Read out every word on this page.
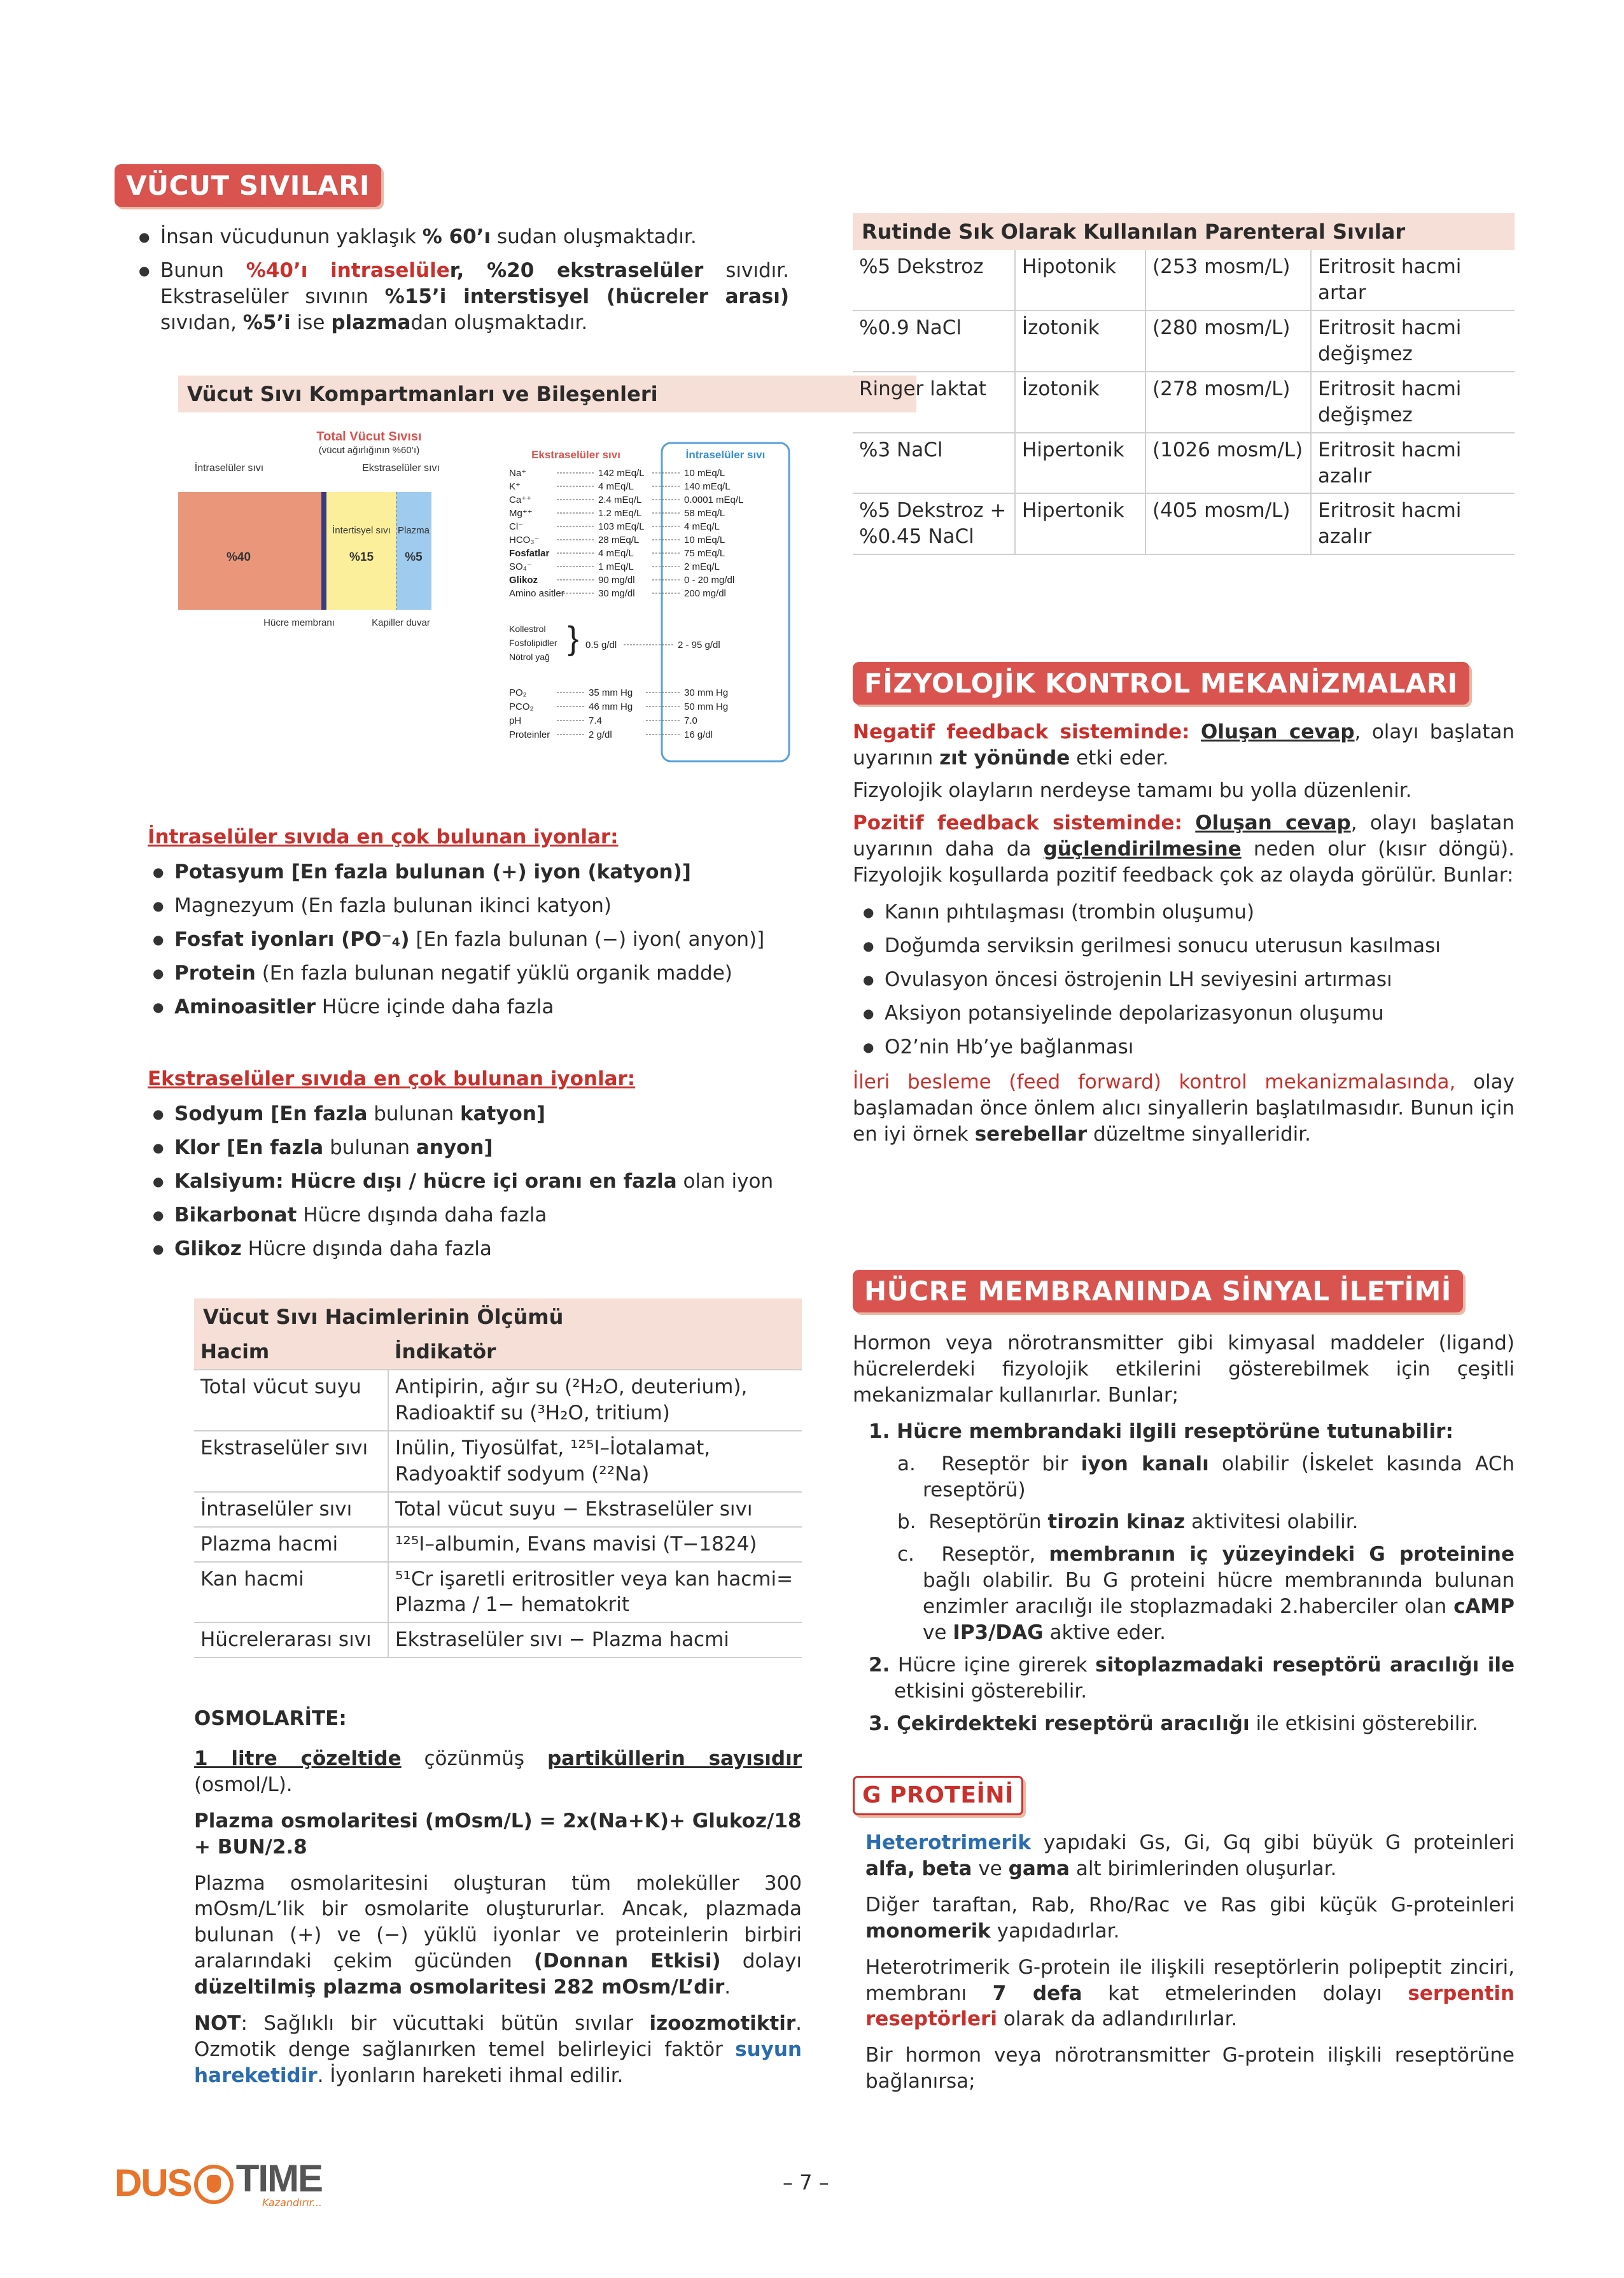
VÜCUT SIVILARI
● İnsan vücudunun yaklaşık % 60’ı sudan oluşmaktadır.
● Bunun %40’ı intraselüler, %20 ekstraselüler sıvıdır. Ekstraselüler sıvının %15’i interstisyel (hücreler arası) sıvıdan, %5’i ise plazmadan oluşmaktadır.
Vücut Sıvı Kompartmanları ve Bileşenleri
Total Vücut Sıvısı
(vücut ağırlığının %60’ı)
İntraselüler sıvı	Ekstraselüler sıvı
İntertisyel sıvı Plazma
%40	%15	%5
Hücre membranı	Kapiller duvar
Ekstraselüler sıvı	İntraselüler sıvı
Na⁺	142 mEq/L	10 mEq/L
K⁺	4 mEq/L	140 mEq/L
Ca⁺⁺	2.4 mEq/L	0.0001 mEq/L
Mg⁺⁺	1.2 mEq/L	58 mEq/L
Cl⁻	103 mEq/L	4 mEq/L
HCO₃⁻	28 mEq/L	10 mEq/L
Fosfatlar	4 mEq/L	75 mEq/L
SO₄⁻	1 mEq/L	2 mEq/L
Glikoz	90 mg/dl	0 - 20 mg/dl
Amino asitler	30 mg/dl	200 mg/dl
Kollestrol
Fosfolipidler
Nötrol yağ } 0.5 g/dl	2 - 95 g/dl
PO₂	35 mm Hg	30 mm Hg
PCO₂	46 mm Hg	50 mm Hg
pH	7.4	7.0
Proteinler	2 g/dl	16 g/dl
İntraselüler sıvıda en çok bulunan iyonlar:
● Potasyum [En fazla bulunan (+) iyon (katyon)]
● Magnezyum (En fazla bulunan ikinci katyon)
● Fosfat iyonları (PO⁻₄) [En fazla bulunan (−) iyon( anyon)]
● Protein (En fazla bulunan negatif yüklü organik madde)
● Aminoasitler Hücre içinde daha fazla
Ekstraselüler sıvıda en çok bulunan iyonlar:
● Sodyum [En fazla bulunan katyon]
● Klor [En fazla bulunan anyon]
● Kalsiyum: Hücre dışı / hücre içi oranı en fazla olan iyon
● Bikarbonat Hücre dışında daha fazla
● Glikoz Hücre dışında daha fazla
Vücut Sıvı Hacimlerinin Ölçümü
Hacim	İndikatör
Total vücut suyu	Antipirin, ağır su (²H₂O, deuterium), Radioaktif su (³H₂O, tritium)
Ekstraselüler sıvı	Inülin, Tiyosülfat, ¹²⁵I–İotalamat, Radyoaktif sodyum (²²Na)
İntraselüler sıvı	Total vücut suyu − Ekstraselüler sıvı
Plazma hacmi	¹²⁵I–albumin, Evans mavisi (T−1824)
Kan hacmi	⁵¹Cr işaretli eritrositler veya kan hacmi= Plazma / 1− hematokrit
Hücrelerarası sıvı	Ekstraselüler sıvı − Plazma hacmi

OSMOLARİTE:

1 litre çözeltide çözünmüş partiküllerin sayısıdır (osmol/L).

Plazma osmolaritesi (mOsm/L) = 2x(Na+K)+ Glukoz/18 + BUN/2.8

Plazma osmolaritesini oluşturan tüm moleküller 300 mOsm/L’lik bir osmolarite oluştururlar. Ancak, plazmada bulunan (+) ve (−) yüklü iyonlar ve proteinlerin birbiri aralarındaki çekim gücünden (Donnan Etkisi) dolayı düzeltilmiş plazma osmolaritesi 282 mOsm/L’dir.

NOT: Sağlıklı bir vücuttaki bütün sıvılar izoozmotiktir. Ozmotik denge sağlanırken temel belirleyici faktör suyun hareketidir. İyonların hareketi ihmal edilir.

Rutinde Sık Olarak Kullanılan Parenteral Sıvılar
%5 Dekstroz	Hipotonik	(253 mosm/L)	Eritrosit hacmi artar
%0.9 NaCl	İzotonik	(280 mosm/L)	Eritrosit hacmi değişmez
Ringer laktat	İzotonik	(278 mosm/L)	Eritrosit hacmi değişmez
%3 NaCl	Hipertonik	(1026 mosm/L)	Eritrosit hacmi azalır
%5 Dekstroz + %0.45 NaCl	Hipertonik	(405 mosm/L)	Eritrosit hacmi azalır
FİZYOLOJİK KONTROL MEKANİZMALARI

Negatif feedback sisteminde: Oluşan cevap, olayı başlatan uyarının zıt yönünde etki eder.

Fizyolojik olayların nerdeyse tamamı bu yolla düzenlenir.

Pozitif feedback sisteminde: Oluşan cevap, olayı başlatan uyarının daha da güçlendirilmesine neden olur (kısır döngü). Fizyolojik koşullarda pozitif feedback çok az olayda görülür. Bunlar:

● Kanın pıhtılaşması (trombin oluşumu)
● Doğumda serviksin gerilmesi sonucu uterusun kasılması
● Ovulasyon öncesi östrojenin LH seviyesini artırması
● Aksiyon potansiyelinde depolarizasyonun oluşumu
● O2’nin Hb’ye bağlanması

İleri besleme (feed forward) kontrol mekanizmalasında, olay başlamadan önce önlem alıcı sinyallerin başlatılmasıdır. Bunun için en iyi örnek serebellar düzeltme sinyalleridir.

HÜCRE MEMBRANINDA SİNYAL İLETİMİ

Hormon veya nörotransmitter gibi kimyasal maddeler (ligand) hücrelerdeki fizyolojik etkilerini gösterebilmek için çeşitli mekanizmalar kullanırlar. Bunlar;

1. Hücre membrandaki ilgili reseptörüne tutunabilir:

a.  Reseptör bir iyon kanalı olabilir (İskelet kasında ACh reseptörü)

b.  Reseptörün tirozin kinaz aktivitesi olabilir.

c.  Reseptör, membranın iç yüzeyindeki G proteinine bağlı olabilir. Bu G proteini hücre membranında bulunan enzimler aracılığı ile stoplazmadaki 2.haberciler olan cAMP ve IP3/DAG aktive eder.

2. Hücre içine girerek sitoplazmadaki reseptörü aracılığı ile etkisini gösterebilir.

3. Çekirdekteki reseptörü aracılığı ile etkisini gösterebilir.

G PROTEİNİ

Heterotrimerik yapıdaki Gs, Gi, Gq gibi büyük G proteinleri alfa, beta ve gama alt birimlerinden oluşurlar.

Diğer taraftan, Rab, Rho/Rac ve Ras gibi küçük G-proteinleri monomerik yapıdadırlar.

Heterotrimerik G-protein ile ilişkili reseptörlerin polipeptit zinciri, membranı 7 defa kat etmelerinden dolayı serpentin reseptörleri olarak da adlandırılırlar.

Bir hormon veya nörotransmitter G-protein ilişkili reseptörüne bağlanırsa;

DUS TIME
Kazandırır...
– 7 –
